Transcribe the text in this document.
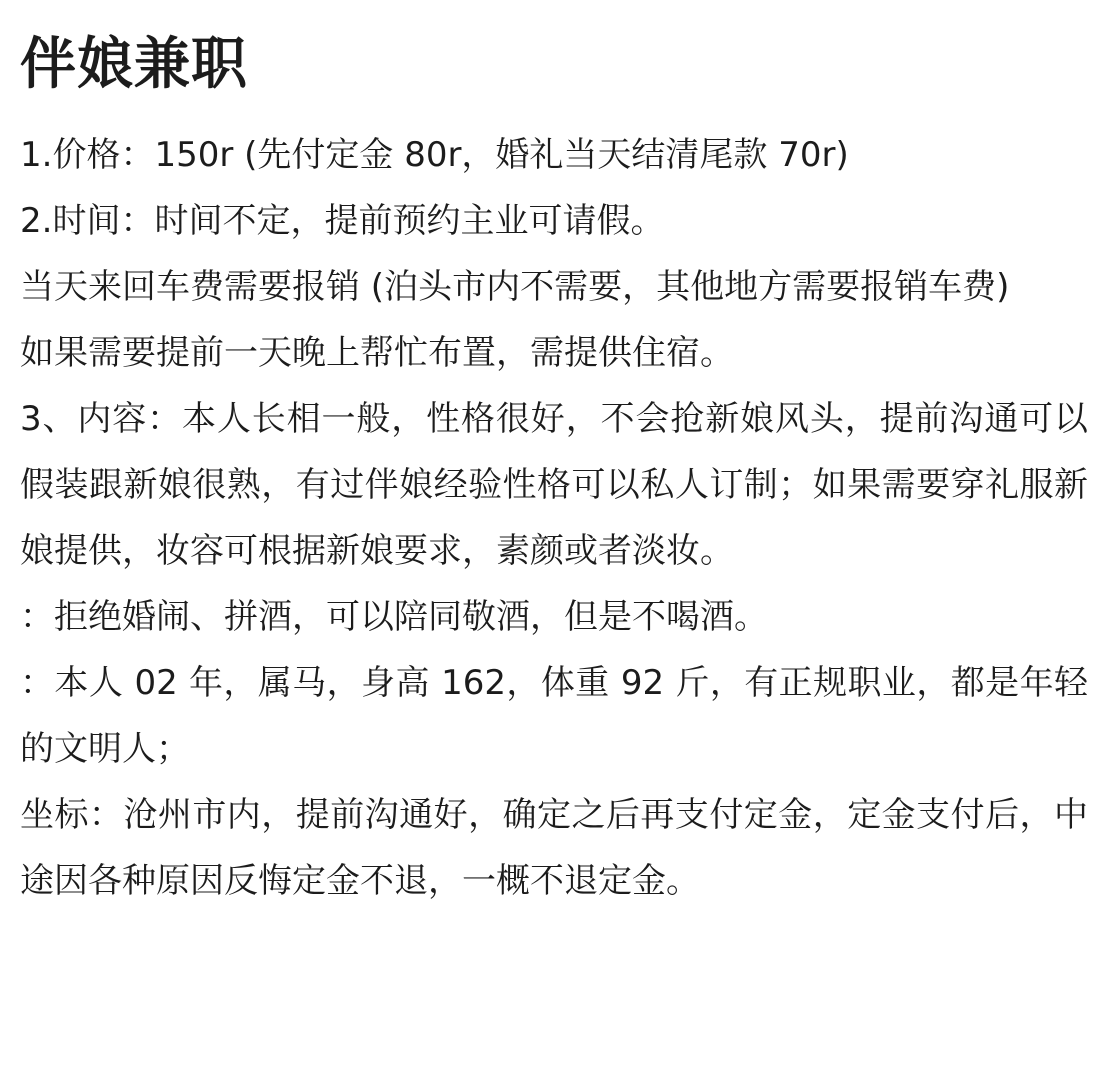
伴娘兼职

1.价格：150r (先付定金 80r，婚礼当天结清尾款 70r)

2.时间：时间不定，提前预约主业可请假。

当天来回车费需要报销 (泊头市内不需要，其他地方需要报销车费)

如果需要提前一天晚上帮忙布置，需提供住宿。

3、内容：本人长相一般，性格很好，不会抢新娘风头，提前沟通可以假装跟新娘很熟，有过伴娘经验性格可以私人订制；如果需要穿礼服新娘提供，妆容可根据新娘要求，素颜或者淡妆。

：拒绝婚闹、拼酒，可以陪同敬酒，但是不喝酒。

：本人 02 年，属马，身高 162，体重 92 斤，有正规职业，都是年轻的文明人；

坐标：沧州市内，提前沟通好，确定之后再支付定金，定金支付后，中途因各种原因反悔定金不退，一概不退定金。
